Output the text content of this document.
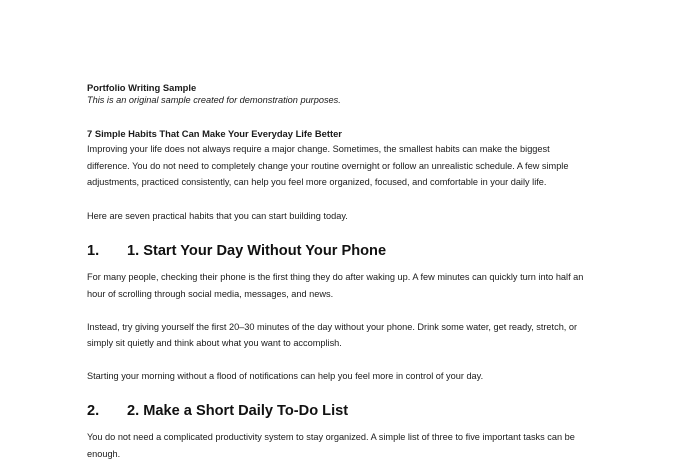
Portfolio Writing Sample

This is an original sample created for demonstration purposes.

7 Simple Habits That Can Make Your Everyday Life Better

Improving your life does not always require a major change. Sometimes, the smallest habits can make the biggest

difference. You do not need to completely change your routine overnight or follow an unrealistic schedule. A few simple

adjustments, practiced consistently, can help you feel more organized, focused, and comfortable in your daily life.

Here are seven practical habits that you can start building today.

1.	1. Start Your Day Without Your Phone

For many people, checking their phone is the first thing they do after waking up. A few minutes can quickly turn into half an

hour of scrolling through social media, messages, and news.

Instead, try giving yourself the first 20–30 minutes of the day without your phone. Drink some water, get ready, stretch, or

simply sit quietly and think about what you want to accomplish.

Starting your morning without a flood of notifications can help you feel more in control of your day.

2.	2. Make a Short Daily To-Do List

You do not need a complicated productivity system to stay organized. A simple list of three to five important tasks can be

enough.
